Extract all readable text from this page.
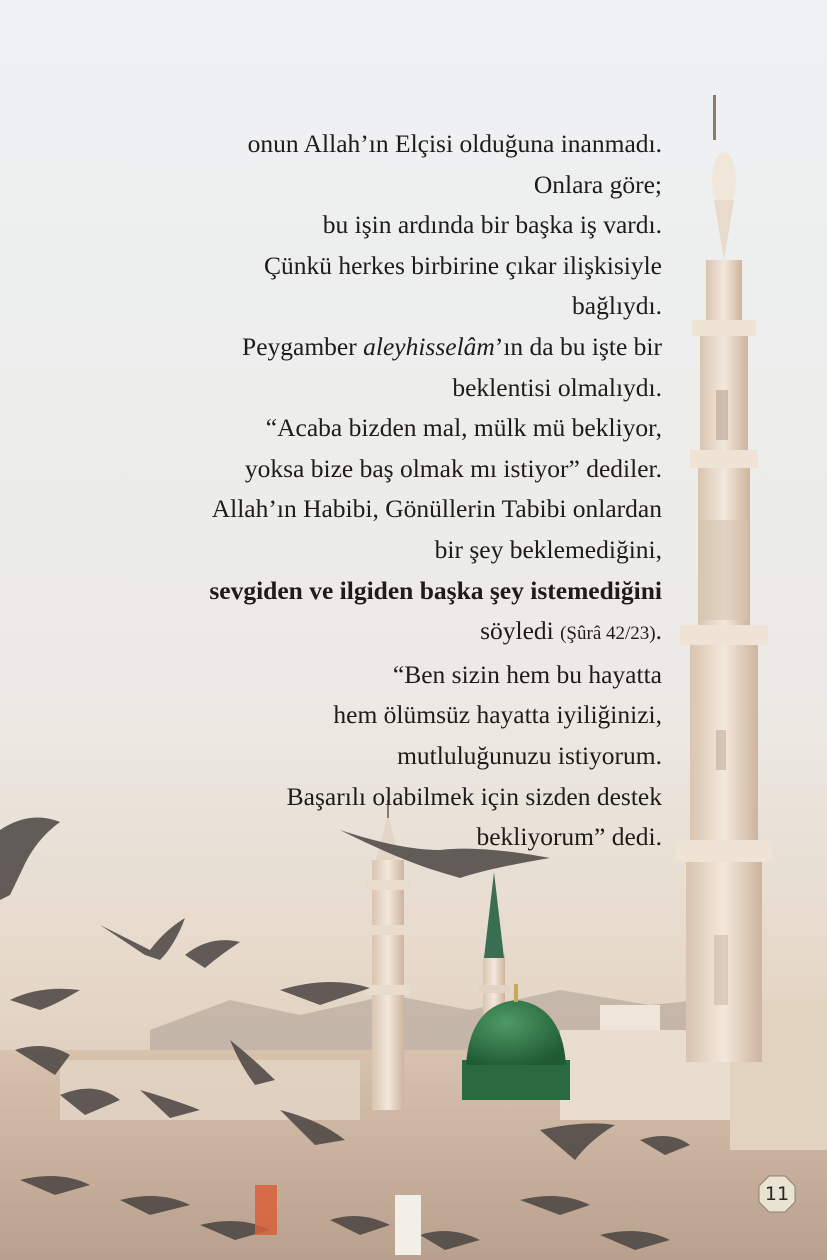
onun Allah’ın Elçisi olduğuna inanmadı.
Onlara göre;
bu işin ardında bir başka iş vardı.
Çünkü herkes birbirine çıkar ilişkisiyle
bağlıydı.
Peygamber aleyhisselâm’ın da bu işte bir
beklentisi olmalıydı.
“Acaba bizden mal, mülk mü bekliyor,
yoksa bize baş olmak mı istiyor” dediler.
Allah’ın Habibi, Gönüllerin Tabibi onlardan
bir şey beklemediğini,
sevgiden ve ilgiden başka şey istemediğini
söyledi (Şûrâ 42/23).
“Ben sizin hem bu hayatta
hem ölümsüz hayatta iyiliğinizi,
mutluluğunuzu istiyorum.
Başarılı olabilmek için sizden destek
bekliyorum” dedi.
11
